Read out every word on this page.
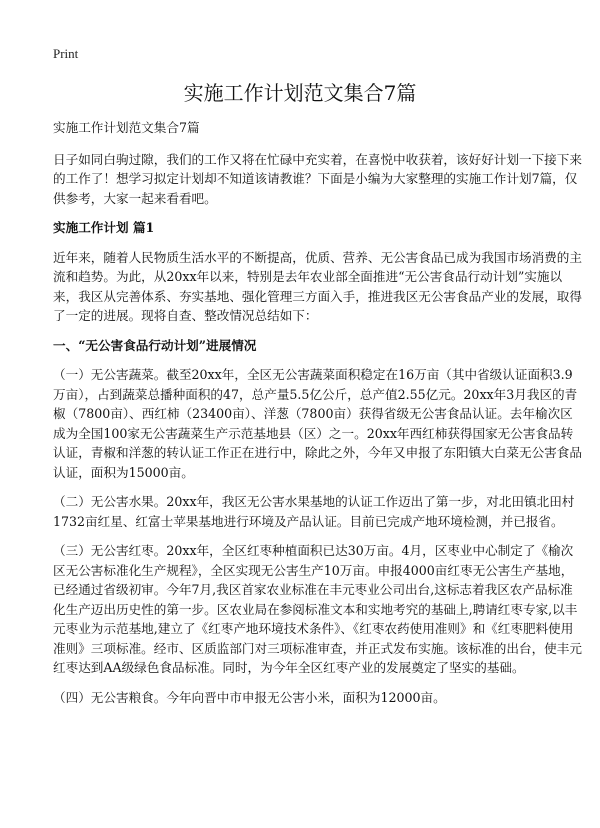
Print
实施工作计划范文集合7篇

实施工作计划范文集合7篇

日子如同白驹过隙，我们的工作又将在忙碌中充实着，在喜悦中收获着，该好好计划一下接下来的工作了！想学习拟定计划却不知道该请教谁？下面是小编为大家整理的实施工作计划7篇，仅供参考，大家一起来看看吧。

实施工作计划 篇1

近年来，随着人民物质生活水平的不断提高，优质、营养、无公害食品已成为我国市场消费的主流和趋势。为此，从20xx年以来，特别是去年农业部全面推进“无公害食品行动计划”实施以来，我区从完善体系、夯实基地、强化管理三方面入手，推进我区无公害食品产业的发展，取得了一定的进展。现将自查、整改情况总结如下：

一、“无公害食品行动计划”进展情况

（一）无公害蔬菜。截至20xx年，全区无公害蔬菜面积稳定在16万亩（其中省级认证面积3.9万亩），占到蔬菜总播种面积的47，总产量5.5亿公斤，总产值2.55亿元。20xx年3月我区的青椒（7800亩）、西红柿（23400亩）、洋葱（7800亩）获得省级无公害食品认证。去年榆次区成为全国100家无公害蔬菜生产示范基地县（区）之一。20xx年西红柿获得国家无公害食品转认证，青椒和洋葱的转认证工作正在进行中，除此之外，今年又申报了东阳镇大白菜无公害食品认证，面积为15000亩。

（二）无公害水果。20xx年，我区无公害水果基地的认证工作迈出了第一步，对北田镇北田村1732亩红星、红富士苹果基地进行环境及产品认证。目前已完成产地环境检测，并已报省。

（三）无公害红枣。20xx年，全区红枣种植面积已达30万亩。4月，区枣业中心制定了《榆次区无公害标准化生产规程》，全区实现无公害生产10万亩。申报4000亩红枣无公害生产基地，已经通过省级初审。今年7月,我区首家农业标准在丰元枣业公司出台,这标志着我区农产品标准化生产迈出历史性的第一步。区农业局在参阅标准文本和实地考究的基础上,聘请红枣专家,以丰元枣业为示范基地,建立了《红枣产地环境技术条件》、《红枣农药使用准则》和《红枣肥料使用准则》三项标准。经市、区质监部门对三项标准审查，并正式发布实施。该标准的出台，使丰元红枣达到AA级绿色食品标准。同时，为今年全区红枣产业的发展奠定了坚实的基础。

（四）无公害粮食。今年向晋中市申报无公害小米，面积为12000亩。
